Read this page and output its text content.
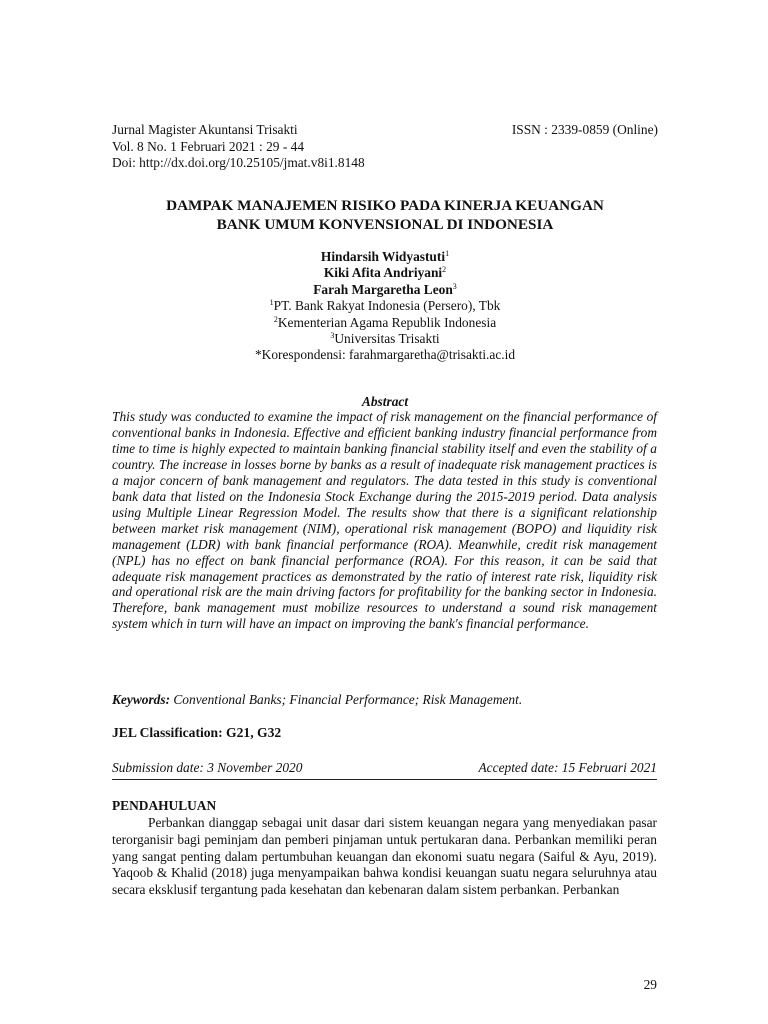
Jurnal Magister Akuntansi Trisakti	ISSN : 2339-0859 (Online)
Vol. 8 No. 1 Februari 2021 : 29 - 44
Doi: http://dx.doi.org/10.25105/jmat.v8i1.8148
DAMPAK MANAJEMEN RISIKO PADA KINERJA KEUANGAN
BANK UMUM KONVENSIONAL DI INDONESIA
Hindarsih Widyastuti$^1$
Kiki Afita Andriyani$^2$
Farah Margaretha Leon$^3$
$^1$PT. Bank Rakyat Indonesia (Persero), Tbk
$^2$Kementerian Agama Republik Indonesia
$^3$Universitas Trisakti
*Korespondensi: farahmargaretha@trisakti.ac.id
Abstract

This study was conducted to examine the impact of risk management on the financial performance of conventional banks in Indonesia. Effective and efficient banking industry financial performance from time to time is highly expected to maintain banking financial stability itself and even the stability of a country. The increase in losses borne by banks as a result of inadequate risk management practices is a major concern of bank management and regulators. The data tested in this study is conventional bank data that listed on the Indonesia Stock Exchange during the 2015-2019 period. Data analysis using Multiple Linear Regression Model. The results show that there is a significant relationship between market risk management (NIM), operational risk management (BOPO) and liquidity risk management (LDR) with bank financial performance (ROA). Meanwhile, credit risk management (NPL) has no effect on bank financial performance (ROA). For this reason, it can be said that adequate risk management practices as demonstrated by the ratio of interest rate risk, liquidity risk and operational risk are the main driving factors for profitability for the banking sector in Indonesia. Therefore, bank management must mobilize resources to understand a sound risk management system which in turn will have an impact on improving the bank's financial performance.

Keywords: Conventional Banks; Financial Performance; Risk Management.
JEL Classification: G21, G32
Submission date: 3 November 2020	Accepted date: 15 Februari 2021
PENDAHULUAN

Perbankan dianggap sebagai unit dasar dari sistem keuangan negara yang menyediakan pasar terorganisir bagi peminjam dan pemberi pinjaman untuk pertukaran dana. Perbankan memiliki peran yang sangat penting dalam pertumbuhan keuangan dan ekonomi suatu negara (Saiful & Ayu, 2019). Yaqoob & Khalid (2018) juga menyampaikan bahwa kondisi keuangan suatu negara seluruhnya atau secara eksklusif tergantung pada kesehatan dan kebenaran dalam sistem perbankan. Perbankan

29
